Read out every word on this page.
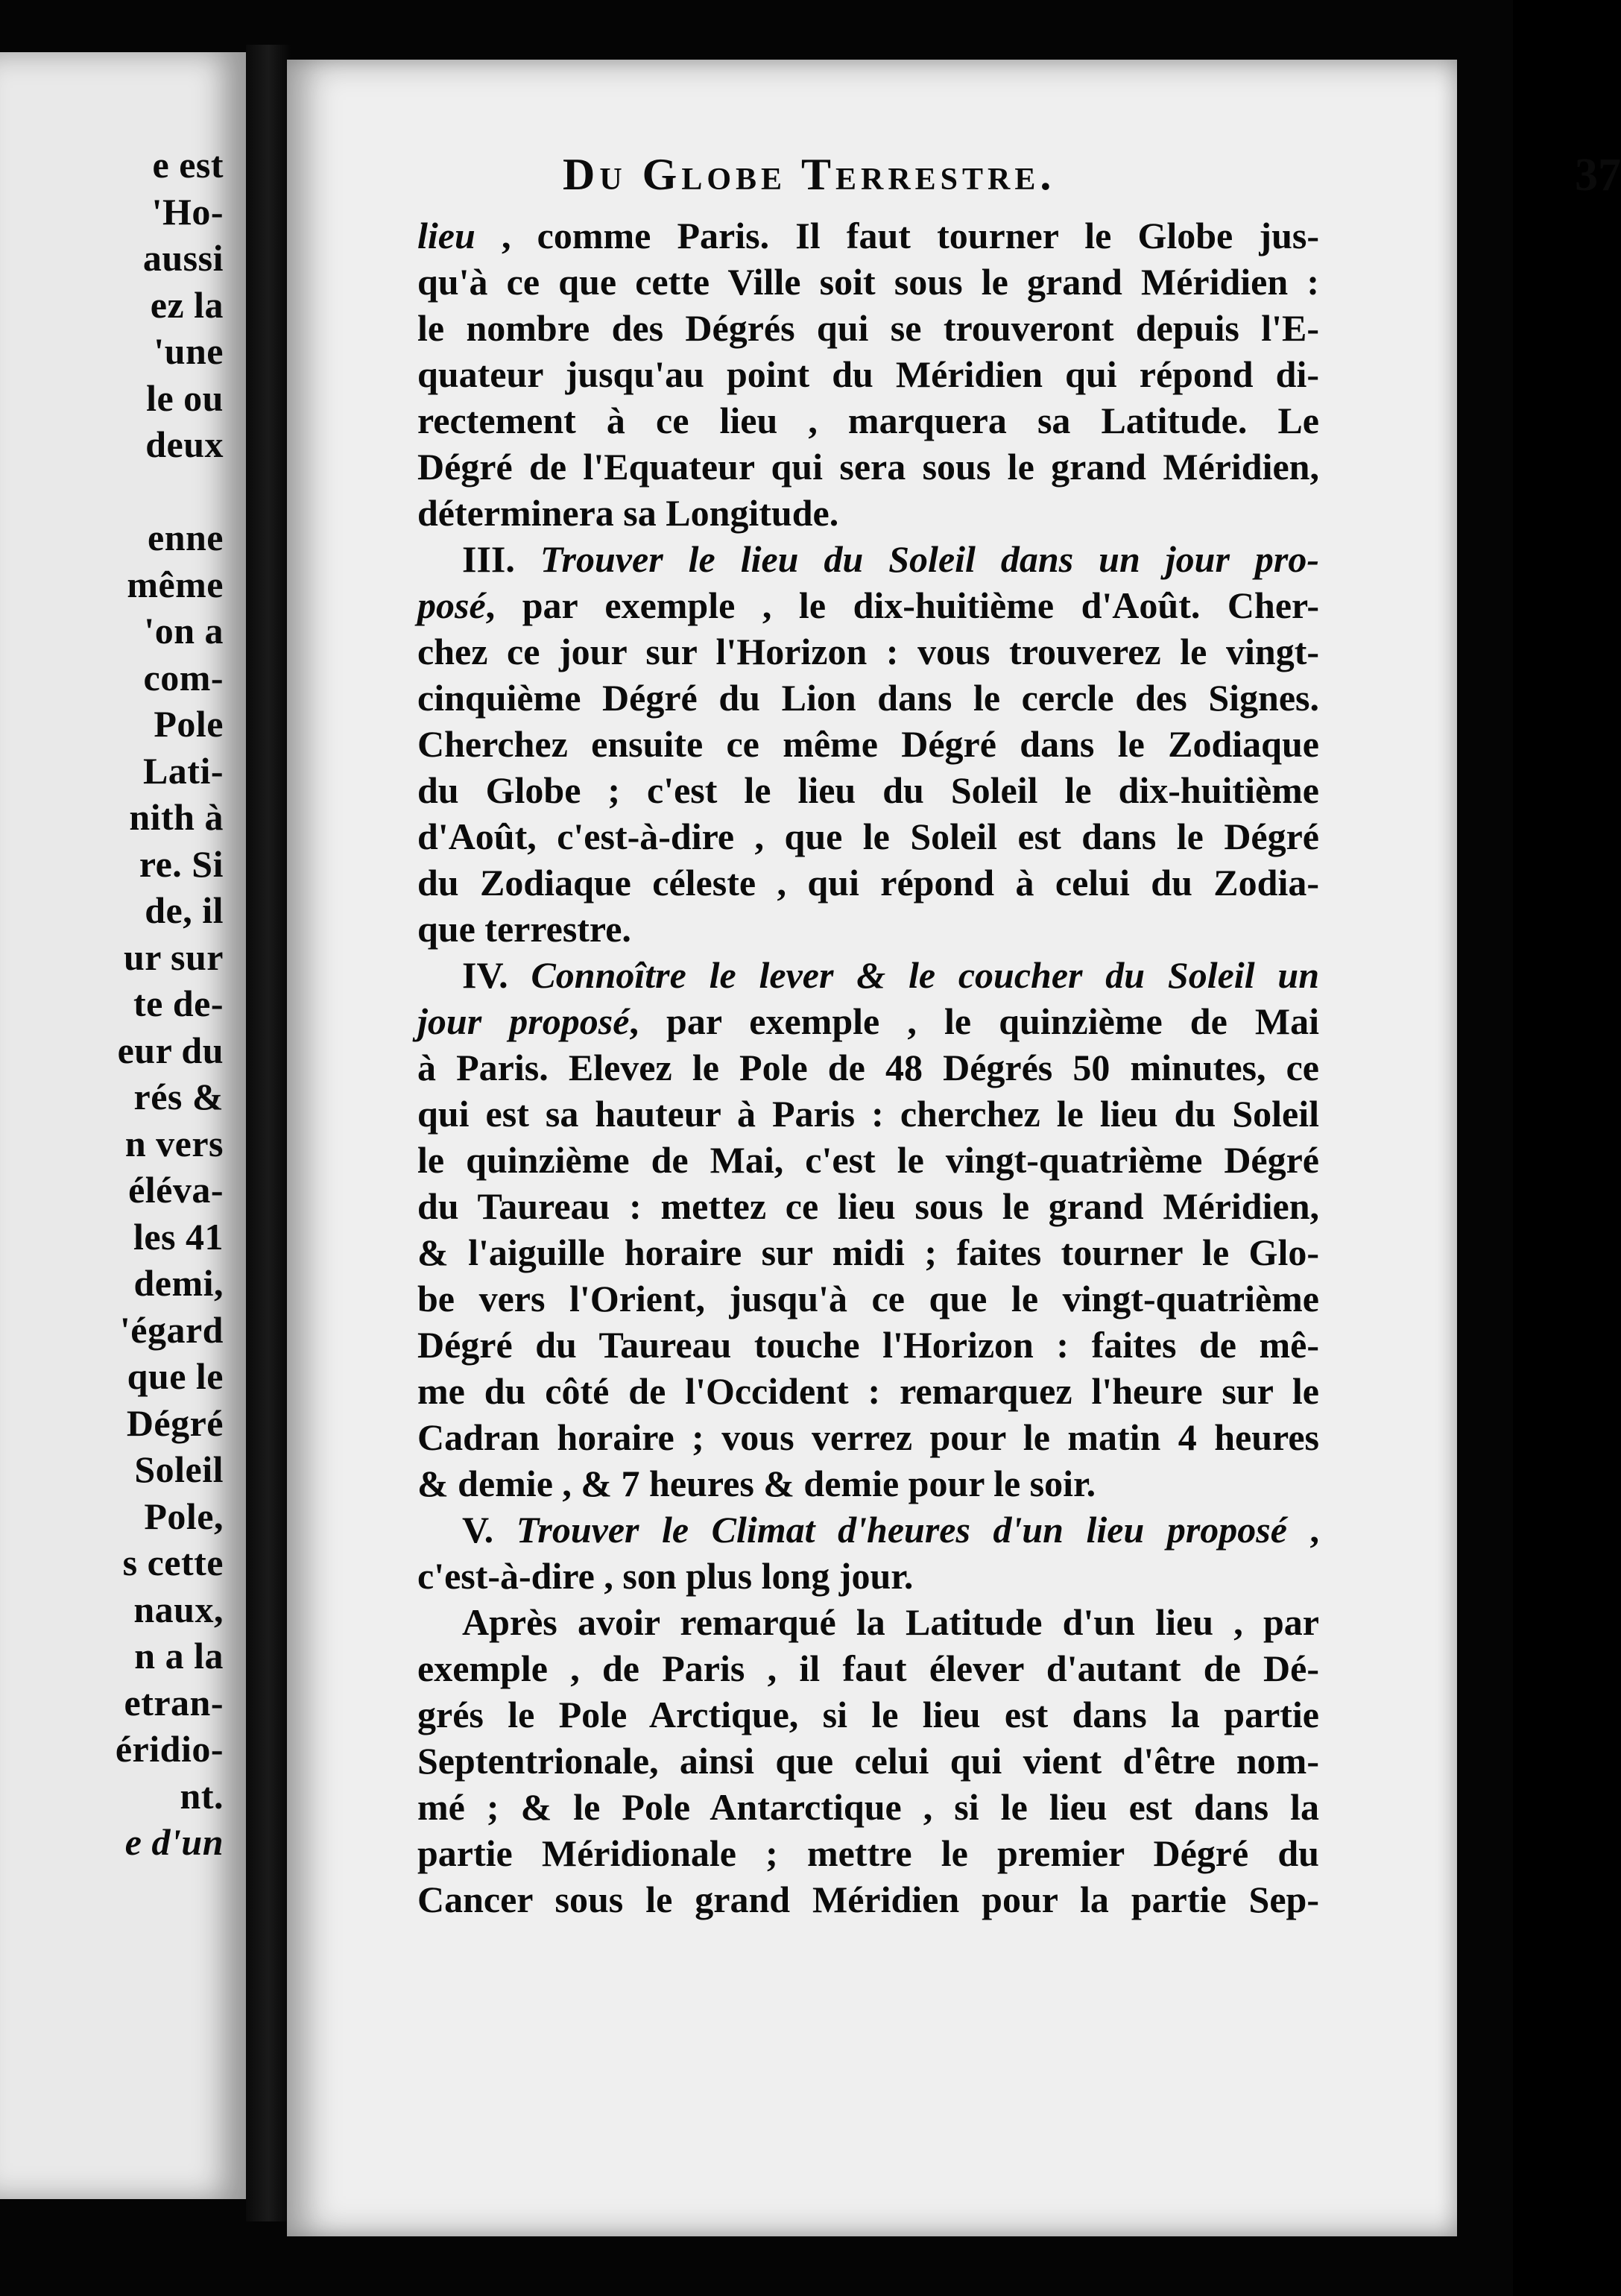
e est
'Ho-
aussi
ez la
'une
le ou
deux
enne
même
'on a
com-
Pole
Lati-
nith à
re. Si
de, il
ur sur
te de-
eur du
rés &
n vers
éléva-
les 41
demi,
'égard
que le
Dégré
Soleil
Pole,
s cette
naux,
n a la
etran-
éridio-
nt.
e d'un
Du Globe Terrestre.	37
lieu , comme Paris. Il faut tourner le Globe jus-
qu'à ce que cette Ville soit sous le grand Méridien :
le nombre des Dégrés qui se trouveront depuis l'E-
quateur jusqu'au point du Méridien qui répond di-
rectement à ce lieu , marquera sa Latitude. Le
Dégré de l'Equateur qui sera sous le grand Méridien,
déterminera sa Longitude.
III. Trouver le lieu du Soleil dans un jour pro-
posé, par exemple , le dix-huitième d'Août. Cher-
chez ce jour sur l'Horizon : vous trouverez le vingt-
cinquième Dégré du Lion dans le cercle des Signes.
Cherchez ensuite ce même Dégré dans le Zodiaque
du Globe ; c'est le lieu du Soleil le dix-huitième
d'Août, c'est-à-dire , que le Soleil est dans le Dégré
du Zodiaque céleste , qui répond à celui du Zodia-
que terrestre.
IV. Connoître le lever & le coucher du Soleil un
jour proposé, par exemple , le quinzième de Mai
à Paris. Elevez le Pole de 48 Dégrés 50 minutes, ce
qui est sa hauteur à Paris : cherchez le lieu du Soleil
le quinzième de Mai, c'est le vingt-quatrième Dégré
du Taureau : mettez ce lieu sous le grand Méridien,
& l'aiguille horaire sur midi ; faites tourner le Glo-
be vers l'Orient, jusqu'à ce que le vingt-quatrième
Dégré du Taureau touche l'Horizon : faites de mê-
me du côté de l'Occident : remarquez l'heure sur le
Cadran horaire ; vous verrez pour le matin 4 heures
& demie , & 7 heures & demie pour le soir.
V. Trouver le Climat d'heures d'un lieu proposé ,
c'est-à-dire , son plus long jour.
Après avoir remarqué la Latitude d'un lieu , par
exemple , de Paris , il faut élever d'autant de Dé-
grés le Pole Arctique, si le lieu est dans la partie
Septentrionale, ainsi que celui qui vient d'être nom-
mé ; & le Pole Antarctique , si le lieu est dans la
partie Méridionale ; mettre le premier Dégré du
Cancer sous le grand Méridien pour la partie Sep-
